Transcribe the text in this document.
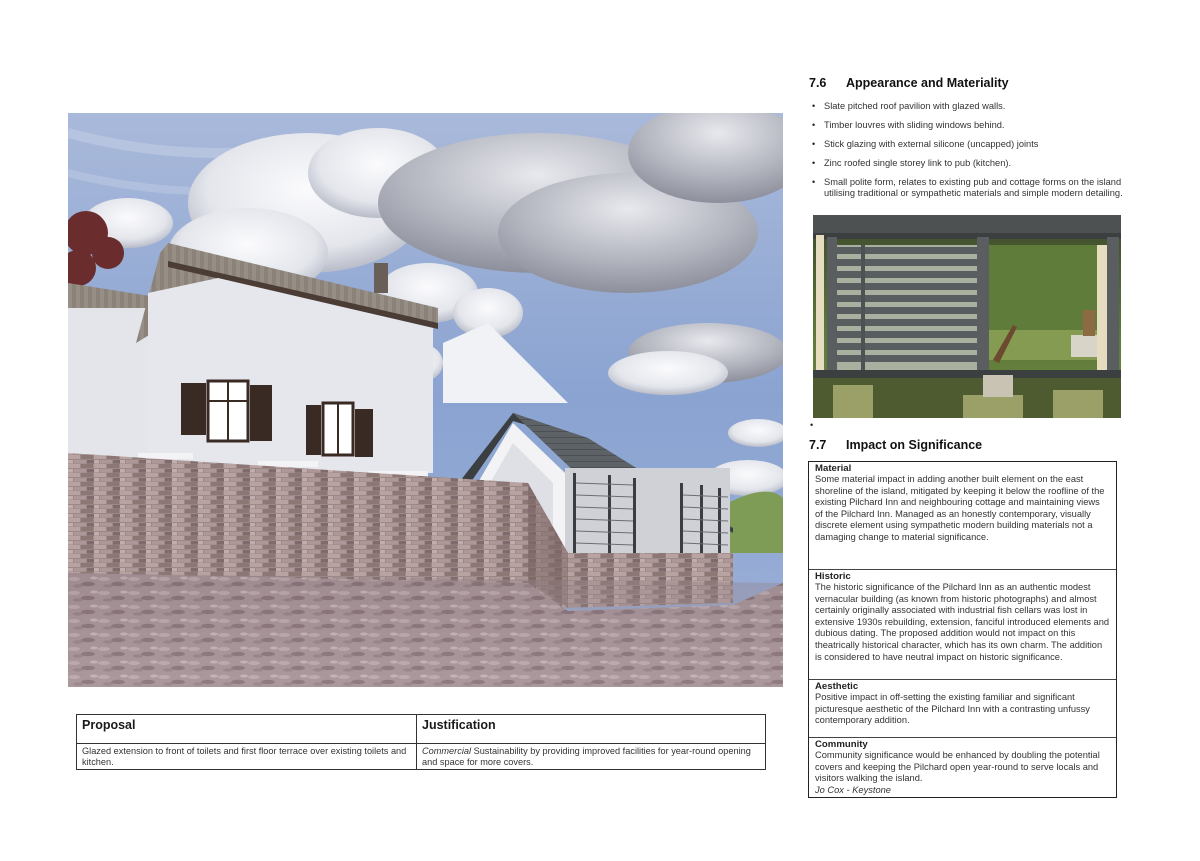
Proposal	Justification
Glazed extension to front of toilets and first floor terrace over existing toilets and kitchen.	Commercial Sustainability by providing improved facilities for year-round opening and space for more covers.
7.6 Appearance and Materiality
• Slate pitched roof pavilion with glazed walls.
• Timber louvres with sliding windows behind.
• Stick glazing with external silicone (uncapped) joints
• Zinc roofed single storey link to pub (kitchen).
• Small polite form, relates to existing pub and cottage forms on the island utilising traditional or sympathetic materials and simple modern detailing.
•
7.7 Impact on Significance
Material
Some material impact in adding another built element on the east shoreline of the island, mitigated by keeping it below the roofline of the existing Pilchard Inn and neighbouring cottage and maintaining views of the Pilchard Inn. Managed as an honestly contemporary, visually discrete element using sympathetic modern building materials not a damaging change to material significance.
Historic
The historic significance of the Pilchard Inn as an authentic modest vernacular building (as known from historic photographs) and almost certainly originally associated with industrial fish cellars was lost in extensive 1930s rebuilding, extension, fanciful introduced elements and dubious dating. The proposed addition would not impact on this theatrically historical character, which has its own charm. The addition is considered to have neutral impact on historic significance.
Aesthetic
Positive impact in off-setting the existing familiar and significant picturesque aesthetic of the Pilchard Inn with a contrasting unfussy contemporary addition.
Community
Community significance would be enhanced by doubling the potential covers and keeping the Pilchard open year-round to serve locals and visitors walking the island.
Jo Cox - Keystone
